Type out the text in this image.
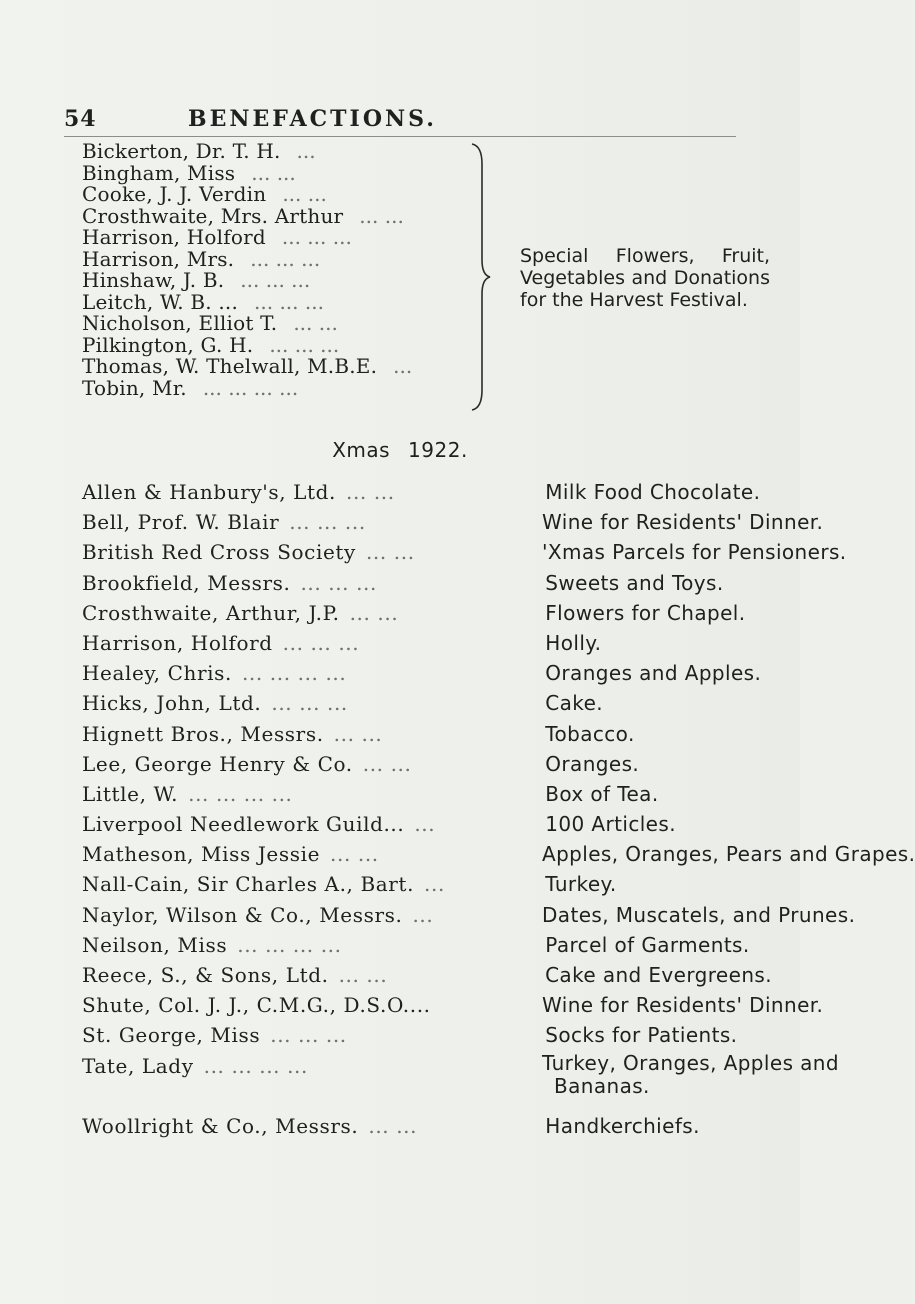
54	BENEFACTIONS.
Bickerton, Dr. T. H. ...
Bingham, Miss ... ...
Cooke, J. J. Verdin ... ...
Crosthwaite, Mrs. Arthur ... ...
Harrison, Holford ... ... ...
Harrison, Mrs. ... ... ...
Hinshaw, J. B. ... ... ...
Leitch, W. B. ... ... ... ...
Nicholson, Elliot T. ... ...
Pilkington, G. H. ... ... ...
Thomas, W. Thelwall, M.B.E. ...
Tobin, Mr. ... ... ... ...
Special Flowers, Fruit, Vegetables and Donations for the Harvest Festival.
Xmas 1922.
Allen & Hanbury's, Ltd. ... ...	Milk Food Chocolate.
Bell, Prof. W. Blair ... ... ...	Wine for Residents' Dinner.
British Red Cross Society ... ...	'Xmas Parcels for Pensioners.
Brookfield, Messrs. ... ... ...	Sweets and Toys.
Crosthwaite, Arthur, J.P. ... ...	Flowers for Chapel.
Harrison, Holford ... ... ...	Holly.
Healey, Chris. ... ... ... ...	Oranges and Apples.
Hicks, John, Ltd. ... ... ...	Cake.
Hignett Bros., Messrs. ... ...	Tobacco.
Lee, George Henry & Co. ... ...	Oranges.
Little, W. ... ... ... ...	Box of Tea.
Liverpool Needlework Guild... ...	100 Articles.
Matheson, Miss Jessie ... ...	Apples, Oranges, Pears and Grapes.
Nall-Cain, Sir Charles A., Bart. ...	Turkey.
Naylor, Wilson & Co., Messrs. ...	Dates, Muscatels, and Prunes.
Neilson, Miss ... ... ... ...	Parcel of Garments.
Reece, S., & Sons, Ltd. ... ...	Cake and Evergreens.
Shute, Col. J. J., C.M.G., D.S.O....	Wine for Residents' Dinner.
St. George, Miss ... ... ...	Socks for Patients.
Tate, Lady ... ... ... ...	Turkey, Oranges, Apples and
Bananas.
Woollright & Co., Messrs. ... ...	Handkerchiefs.
